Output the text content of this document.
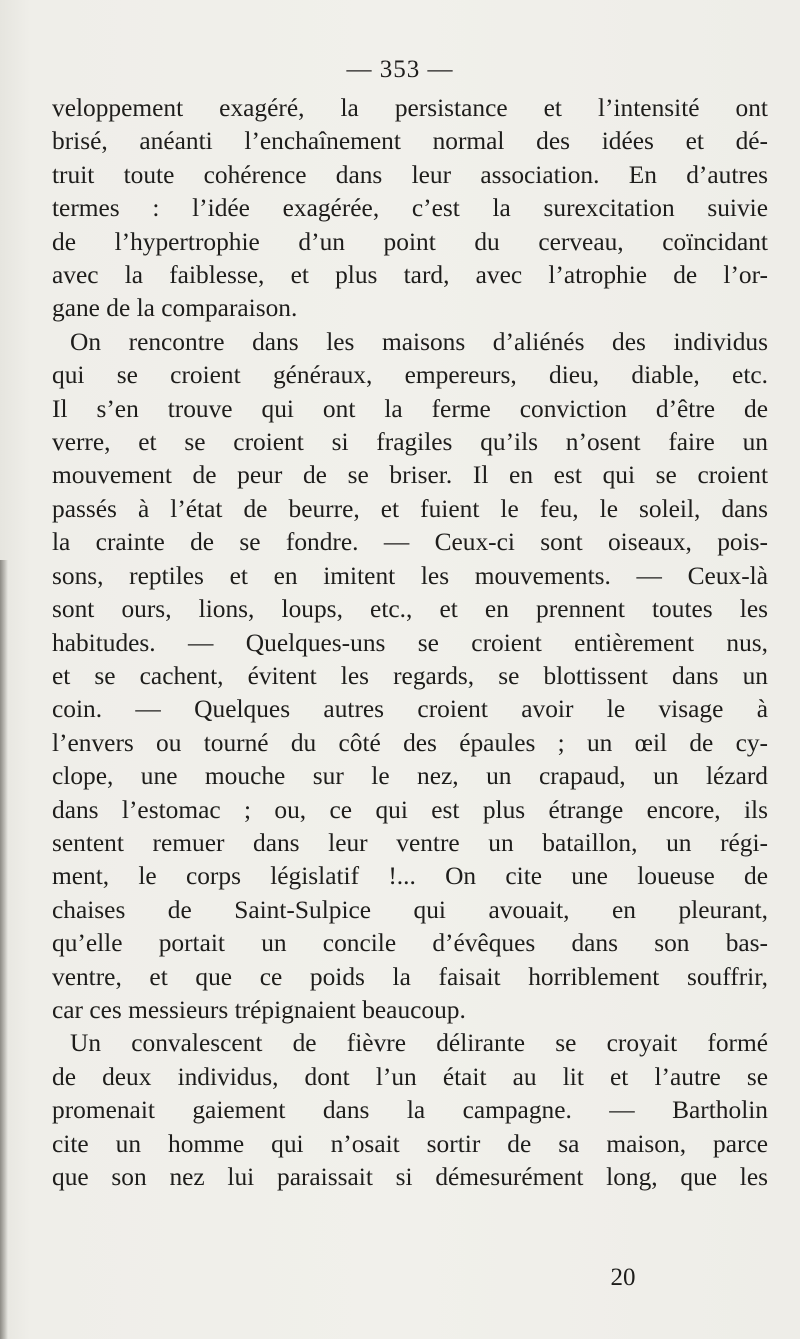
— 353 —
veloppement exagéré, la persistance et l’intensité ont
brisé, anéanti l’enchaînement normal des idées et dé-
truit toute cohérence dans leur association. En d’autres
termes : l’idée exagérée, c’est la surexcitation suivie
de l’hypertrophie d’un point du cerveau, coïncidant
avec la faiblesse, et plus tard, avec l’atrophie de l’or-
gane de la comparaison.
On rencontre dans les maisons d’aliénés des individus
qui se croient généraux, empereurs, dieu, diable, etc.
Il s’en trouve qui ont la ferme conviction d’être de
verre, et se croient si fragiles qu’ils n’osent faire un
mouvement de peur de se briser. Il en est qui se croient
passés à l’état de beurre, et fuient le feu, le soleil, dans
la crainte de se fondre. — Ceux-ci sont oiseaux, pois-
sons, reptiles et en imitent les mouvements. — Ceux-là
sont ours, lions, loups, etc., et en prennent toutes les
habitudes. — Quelques-uns se croient entièrement nus,
et se cachent, évitent les regards, se blottissent dans un
coin. — Quelques autres croient avoir le visage à
l’envers ou tourné du côté des épaules ; un œil de cy-
clope, une mouche sur le nez, un crapaud, un lézard
dans l’estomac ; ou, ce qui est plus étrange encore, ils
sentent remuer dans leur ventre un bataillon, un régi-
ment, le corps législatif !... On cite une loueuse de
chaises de Saint-Sulpice qui avouait, en pleurant,
qu’elle portait un concile d’évêques dans son bas-
ventre, et que ce poids la faisait horriblement souffrir,
car ces messieurs trépignaient beaucoup.
Un convalescent de fièvre délirante se croyait formé
de deux individus, dont l’un était au lit et l’autre se
promenait gaiement dans la campagne. — Bartholin
cite un homme qui n’osait sortir de sa maison, parce
que son nez lui paraissait si démesurément long, que les
20
